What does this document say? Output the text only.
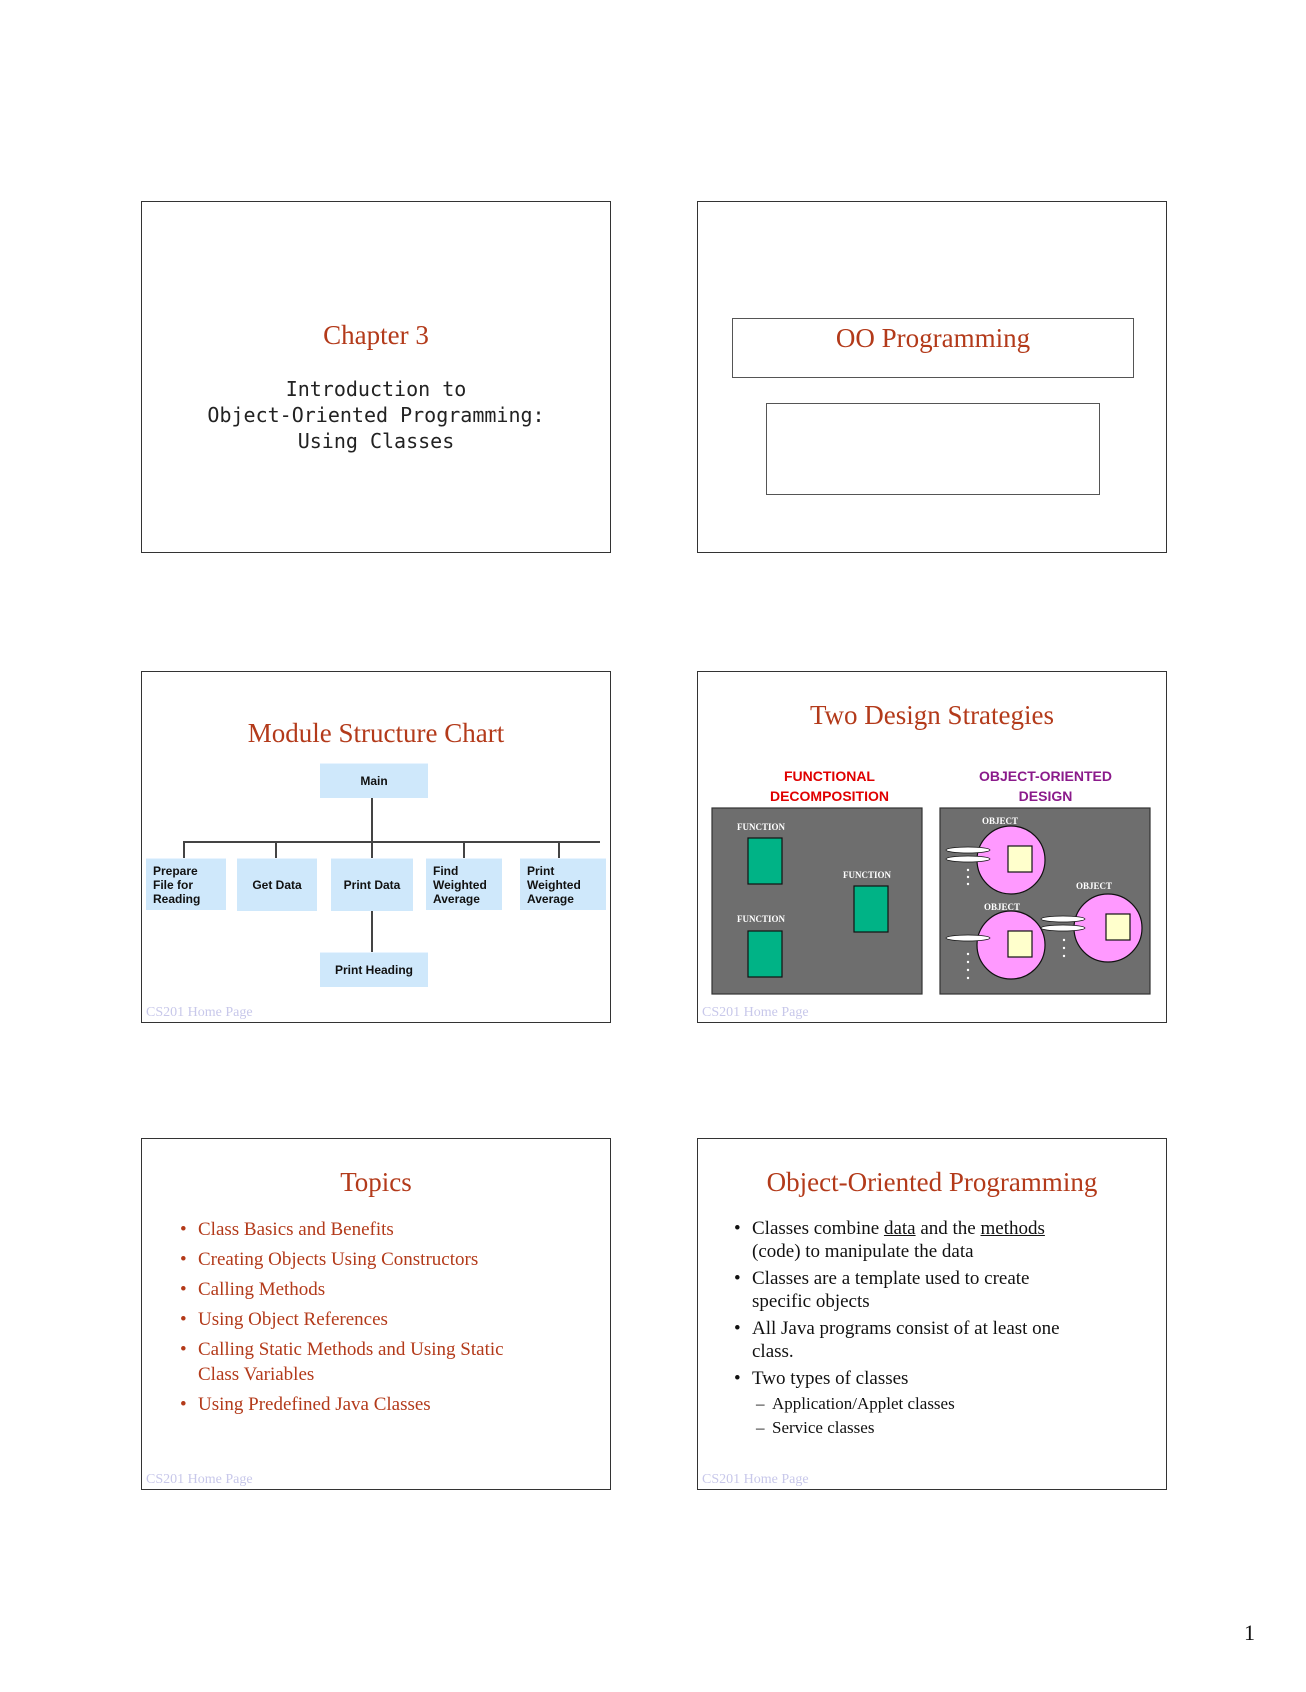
Chapter 3
Introduction to
Object-Oriented Programming:
Using Classes
OO Programming
Module Structure Chart
Main
Prepare
File for
Reading
Get Data	Print Data
Find
Weighted
Average
Print
Weighted
Average
Print Heading
CS201 Home Page
Two Design Strategies
FUNCTIONAL
DECOMPOSITION
OBJECT-ORIENTED
DESIGN
FUNCTION
FUNCTION
FUNCTION
OBJECT
OBJECT
OBJECT
CS201 Home Page
Topics
• Class Basics and Benefits
• Creating Objects Using Constructors
• Calling Methods
• Using Object References
• Calling Static Methods and Using Static Class Variables
• Using Predefined Java Classes
CS201 Home Page
Object-Oriented Programming
• Classes combine data and the methods (code) to manipulate the data
• Classes are a template used to create specific objects
• All Java programs consist of at least one class.
• Two types of classes
– Application/Applet classes
– Service classes
CS201 Home Page
1
